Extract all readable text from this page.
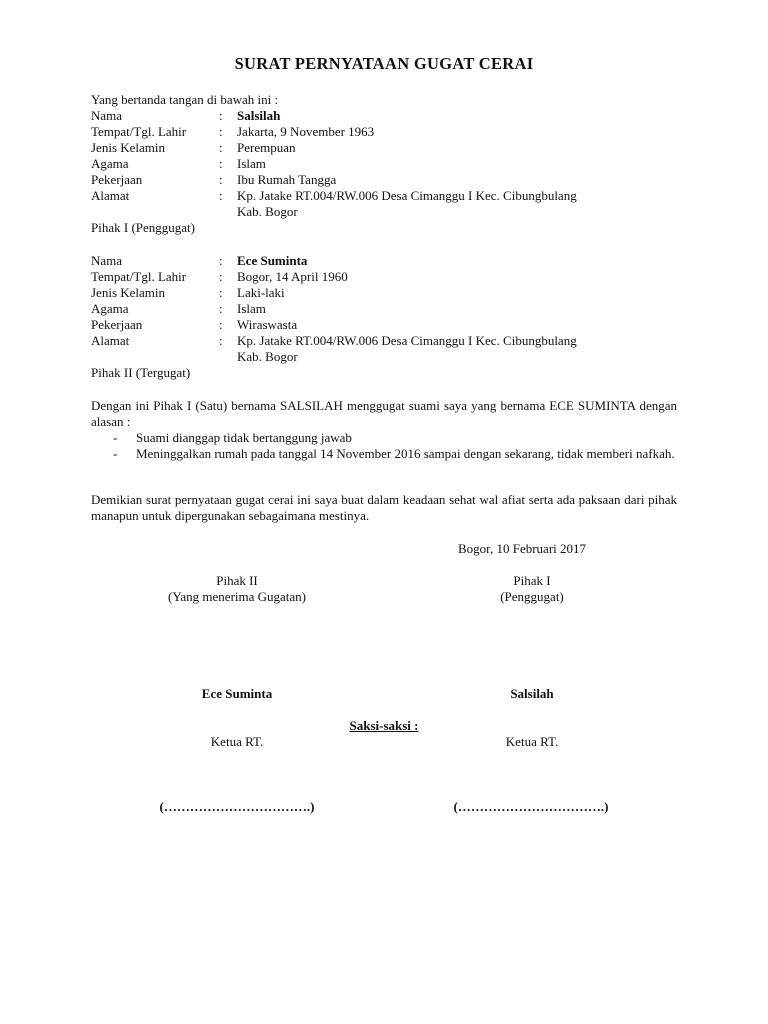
SURAT PERNYATAAN GUGAT CERAI
Yang bertanda tangan di bawah ini :
Nama	: Salsilah
Tempat/Tgl. Lahir	: Jakarta, 9 November 1963
Jenis Kelamin	: Perempuan
Agama	: Islam
Pekerjaan	: Ibu Rumah Tangga
Alamat	: Kp. Jatake RT.004/RW.006 Desa Cimanggu I Kec. Cibungbulang
Kab. Bogor
Pihak I (Penggugat)
Nama	: Ece Suminta
Tempat/Tgl. Lahir	: Bogor, 14 April 1960
Jenis Kelamin	: Laki-laki
Agama	: Islam
Pekerjaan	: Wiraswasta
Alamat	: Kp. Jatake RT.004/RW.006 Desa Cimanggu I Kec. Cibungbulang
Kab. Bogor
Pihak II (Tergugat)
Dengan ini Pihak I (Satu) bernama SALSILAH menggugat suami saya yang bernama ECE SUMINTA dengan alasan :
- Suami dianggap tidak bertanggung jawab
- Meninggalkan rumah pada tanggal 14 November 2016 sampai dengan sekarang, tidak memberi nafkah.
Demikian surat pernyataan gugat cerai ini saya buat dalam keadaan sehat wal afiat serta ada paksaan dari pihak manapun untuk dipergunakan sebagaimana mestinya.
Bogor, 10 Februari 2017
Pihak II
(Yang menerima Gugatan)
Ece Suminta
Pihak I
(Penggugat)
Salsilah
Saksi-saksi :
Ketua RT.
(…………………………….)
Ketua RT.
(…………………………….)
